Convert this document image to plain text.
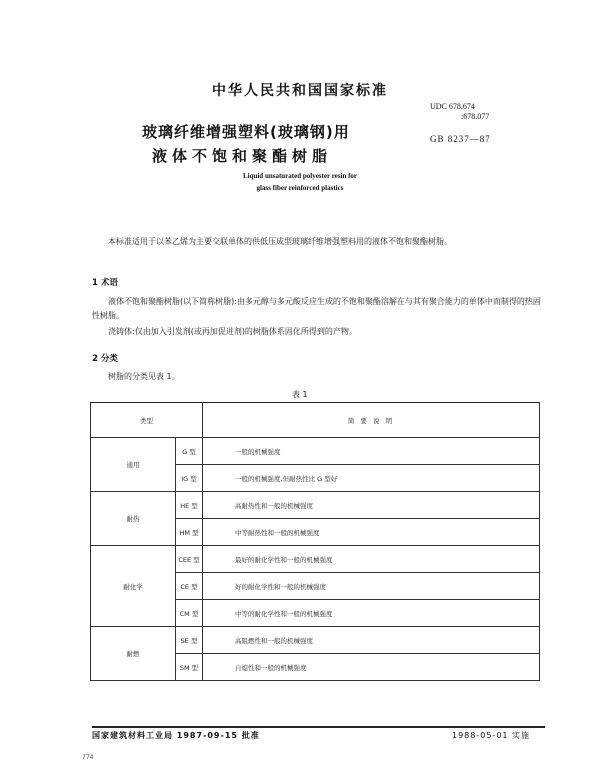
中华人民共和国国家标准
玻璃纤维增强塑料(玻璃钢)用
液体不饱和聚酯树脂
UDC 678.674
:678.077
GB 8237—87
Liquid unsaturated polyester resin for
glass fiber reinforced plastics
本标准适用于以苯乙烯为主要交联单体的供低压成型玻璃纤维增强塑料用的液体不饱和聚酯树脂。
1 术语
液体不饱和聚酯树脂(以下简称树脂):由多元醇与多元酸反应生成的不饱和聚酯溶解在与其有聚合能力的单体中而制得的热固性树脂。
浇铸体:仅由加入引发剂(或再加促进剂)的树脂体系固化所得到的产物。
2 分类
树脂的分类见表 1。
表 1
类型		简 要 说 明
通用	G 型	一般的机械强度
	IG 型	一般的机械强度,但耐热性比 G 型好
耐热	HE 型	高耐热性和一般的机械强度
	HM 型	中等耐热性和一般的机械强度
耐化学	CEE 型	最好的耐化学性和一般的机械强度
	CE 型	好的耐化学性和一般的机械强度
	CM 型	中等的耐化学性和一般的机械强度
耐燃	SE 型	高阻燃性和一般的机械强度
	SM 型	自熄性和一般的机械强度
国家建筑材料工业局 1987-09-15 批准	1988-05-01 实施
774
